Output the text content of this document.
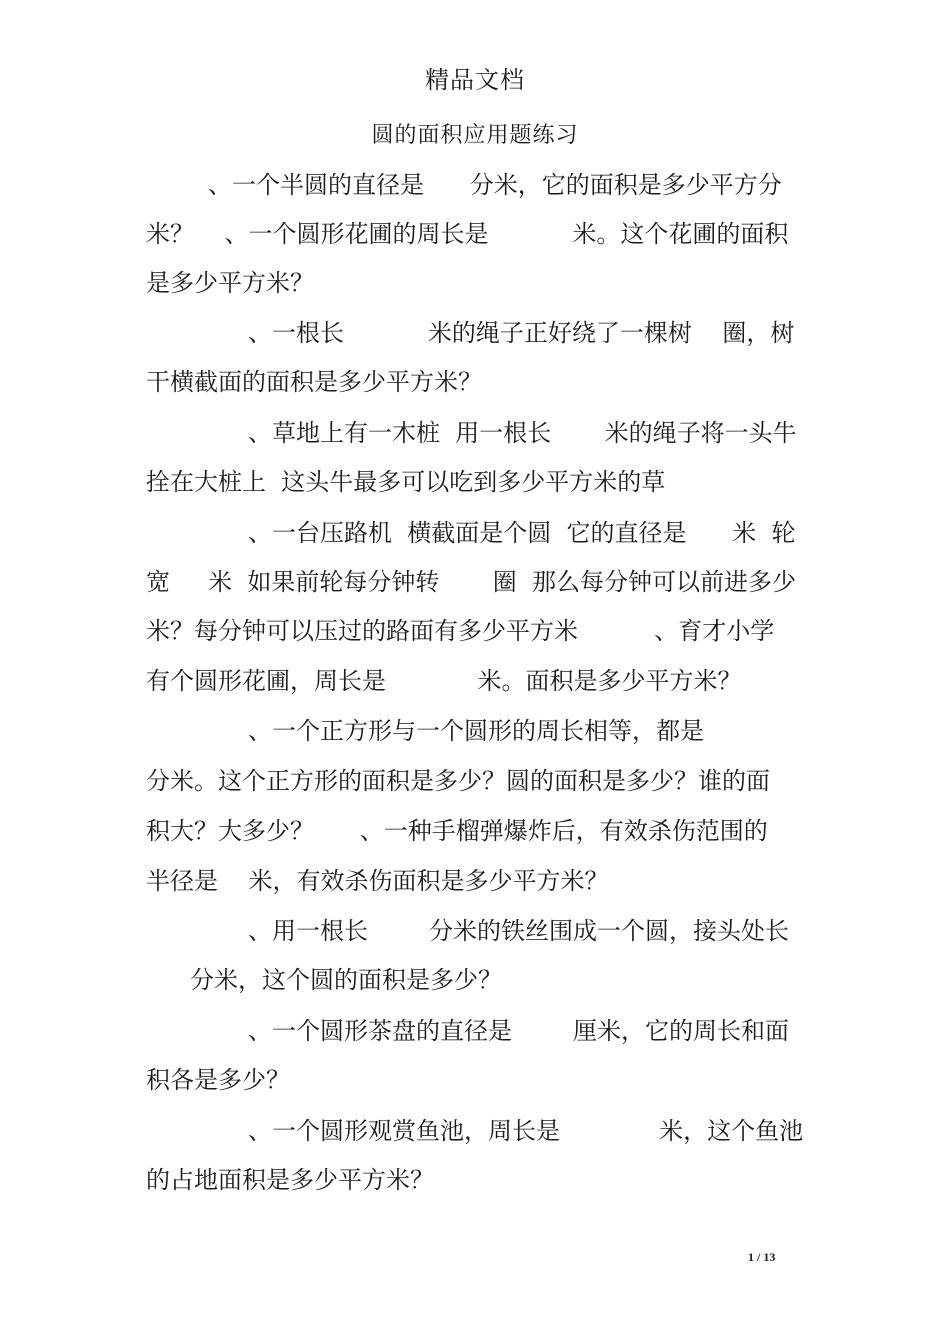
精品文档
圆的面积应用题练习
、一个半圆的直径是      分米，它的面积是多少平方分
米？    、一个圆形花圃的周长是           米。这个花圃的面积
是多少平方米？
、一根长           米的绳子正好绕了一棵树    圈，树
干横截面的面积是多少平方米？
、草地上有一木桩  用一根长       米的绳子将一头牛
拴在大桩上  这头牛最多可以吃到多少平方米的草
、一台压路机  横截面是个圆  它的直径是      米  轮
宽     米  如果前轮每分钟转       圈  那么每分钟可以前进多少
米？每分钟可以压过的路面有多少平方米          、育才小学
有个圆形花圃，周长是            米。面积是多少平方米？
、一个正方形与一个圆形的周长相等，都是
分米。这个正方形的面积是多少？圆的面积是多少？谁的面
积大？大多少？      、一种手榴弹爆炸后，有效杀伤范围的
半径是    米，有效杀伤面积是多少平方米？
、用一根长        分米的铁丝围成一个圆，接头处长
分米，这个圆的面积是多少？
、一个圆形茶盘的直径是        厘米，它的周长和面
积各是多少？
、一个圆形观赏鱼池，周长是             米，这个鱼池
的占地面积是多少平方米？
1 / 13
